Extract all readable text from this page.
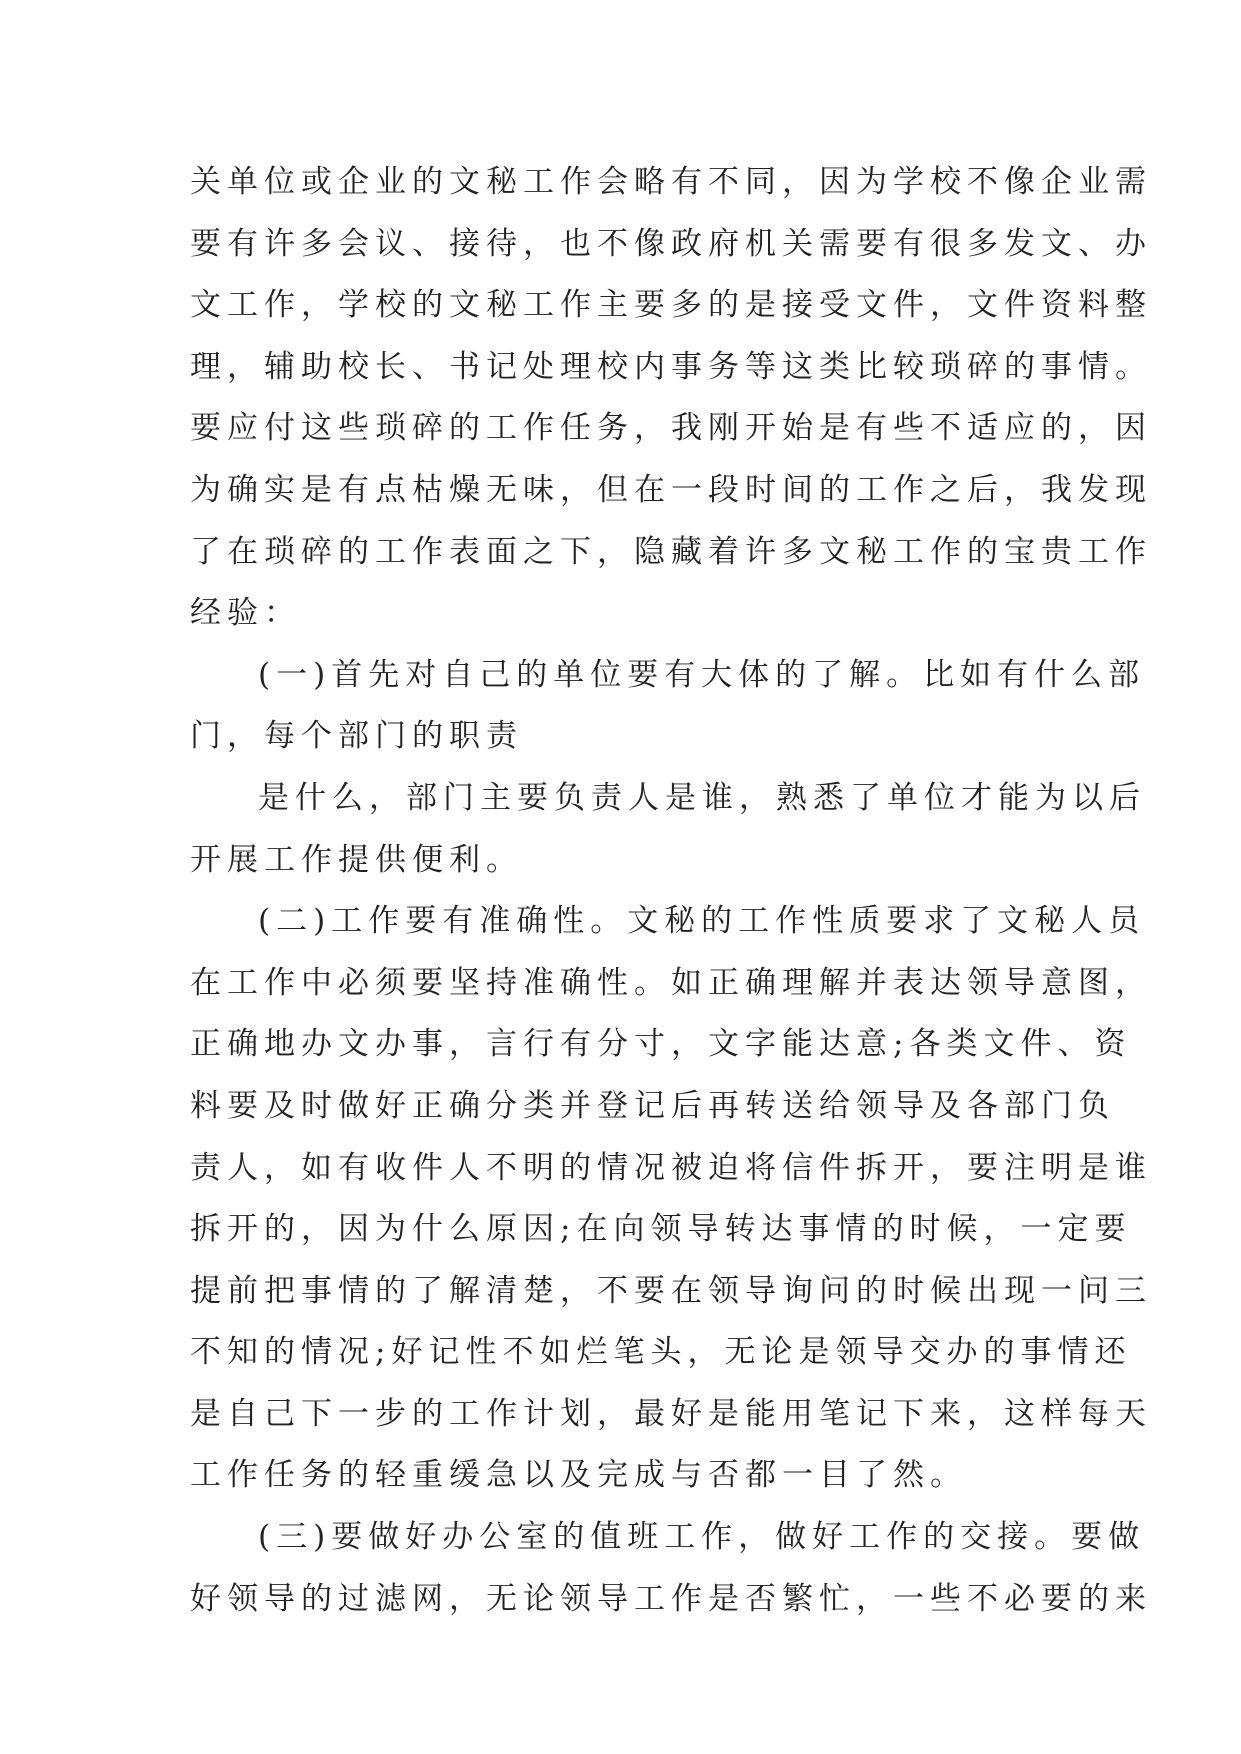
关单位或企业的文秘工作会略有不同，因为学校不像企业需
要有许多会议、接待，也不像政府机关需要有很多发文、办
文工作，学校的文秘工作主要多的是接受文件，文件资料整
理，辅助校长、书记处理校内事务等这类比较琐碎的事情。
要应付这些琐碎的工作任务，我刚开始是有些不适应的，因
为确实是有点枯燥无味，但在一段时间的工作之后，我发现
了在琐碎的工作表面之下，隐藏着许多文秘工作的宝贵工作
经验：
(一)首先对自己的单位要有大体的了解。比如有什么部
门，每个部门的职责
是什么，部门主要负责人是谁，熟悉了单位才能为以后
开展工作提供便利。
(二)工作要有准确性。文秘的工作性质要求了文秘人员
在工作中必须要坚持准确性。如正确理解并表达领导意图，
正确地办文办事，言行有分寸，文字能达意;各类文件、资
料要及时做好正确分类并登记后再转送给领导及各部门负
责人，如有收件人不明的情况被迫将信件拆开，要注明是谁
拆开的，因为什么原因;在向领导转达事情的时候，一定要
提前把事情的了解清楚，不要在领导询问的时候出现一问三
不知的情况;好记性不如烂笔头，无论是领导交办的事情还
是自己下一步的工作计划，最好是能用笔记下来，这样每天
工作任务的轻重缓急以及完成与否都一目了然。
(三)要做好办公室的值班工作，做好工作的交接。要做
好领导的过滤网，无论领导工作是否繁忙，一些不必要的来
